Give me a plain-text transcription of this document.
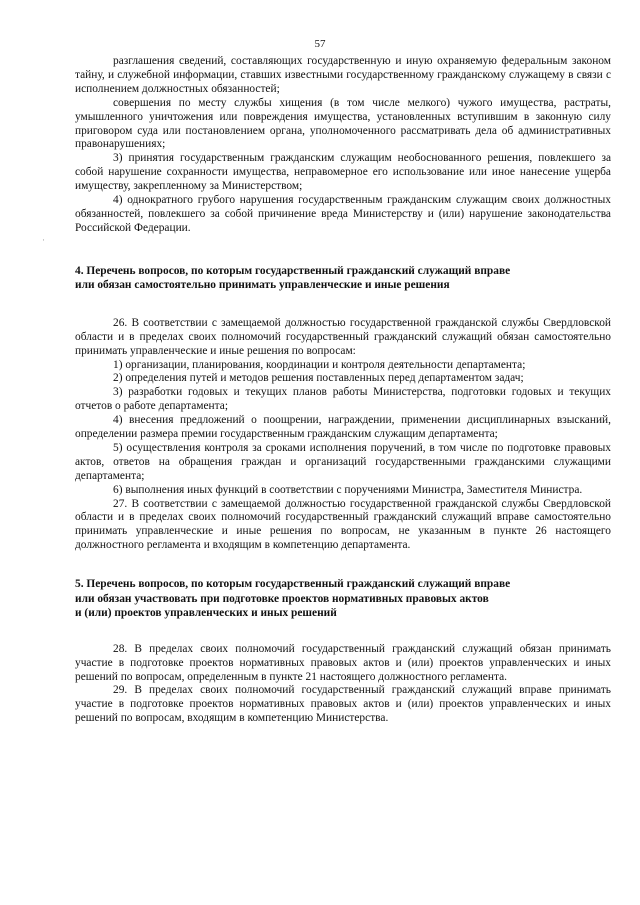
57
·

разглашения сведений, составляющих государственную и иную охраняемую федеральным законом тайну, и служебной информации, ставших известными государственному гражданскому служащему в связи с исполнением должностных обязанностей;

совершения по месту службы хищения (в том числе мелкого) чужого имущества, растраты, умышленного уничтожения или повреждения имущества, установленных вступившим в законную силу приговором суда или постановлением органа, уполномоченного рассматривать дела об административных правонарушениях;

3) принятия государственным гражданским служащим необоснованного решения, повлекшего за собой нарушение сохранности имущества, неправомерное его использование или иное нанесение ущерба имуществу, закрепленному за Министерством;

4) однократного грубого нарушения государственным гражданским служащим своих должностных обязанностей, повлекшего за собой причинение вреда Министерству и (или) нарушение законодательства Российской Федерации.

4. Перечень вопросов, по которым государственный гражданский служащий вправе

или обязан самостоятельно принимать управленческие и иные решения

26. В соответствии с замещаемой должностью государственной гражданской службы Свердловской области и в пределах своих полномочий государственный гражданский служащий обязан самостоятельно принимать управленческие и иные решения по вопросам:

1) организации, планирования, координации и контроля деятельности департамента;

2) определения путей и методов решения поставленных перед департаментом задач;

3) разработки годовых и текущих планов работы Министерства, подготовки годовых и текущих отчетов о работе департамента;

4) внесения предложений о поощрении, награждении, применении дисциплинарных взысканий, определении размера премии государственным гражданским служащим департамента;

5) осуществления контроля за сроками исполнения поручений, в том числе по подготовке правовых актов, ответов на обращения граждан и организаций государственными гражданскими служащими департамента;

6) выполнения иных функций в соответствии с поручениями Министра, Заместителя Министра.

27. В соответствии с замещаемой должностью государственной гражданской службы Свердловской области и в пределах своих полномочий государственный гражданский служащий вправе самостоятельно принимать управленческие и иные решения по вопросам, не указанным в пункте 26 настоящего должностного регламента и входящим в компетенцию департамента.

5. Перечень вопросов, по которым государственный гражданский служащий вправе

или обязан участвовать при подготовке проектов нормативных правовых актов

и (или) проектов управленческих и иных решений

28. В пределах своих полномочий государственный гражданский служащий обязан принимать участие в подготовке проектов нормативных правовых актов и (или) проектов управленческих и иных решений по вопросам, определенным в пункте 21 настоящего должностного регламента.

29. В пределах своих полномочий государственный гражданский служащий вправе принимать участие в подготовке проектов нормативных правовых актов и (или) проектов управленческих и иных решений по вопросам, входящим в компетенцию Министерства.
